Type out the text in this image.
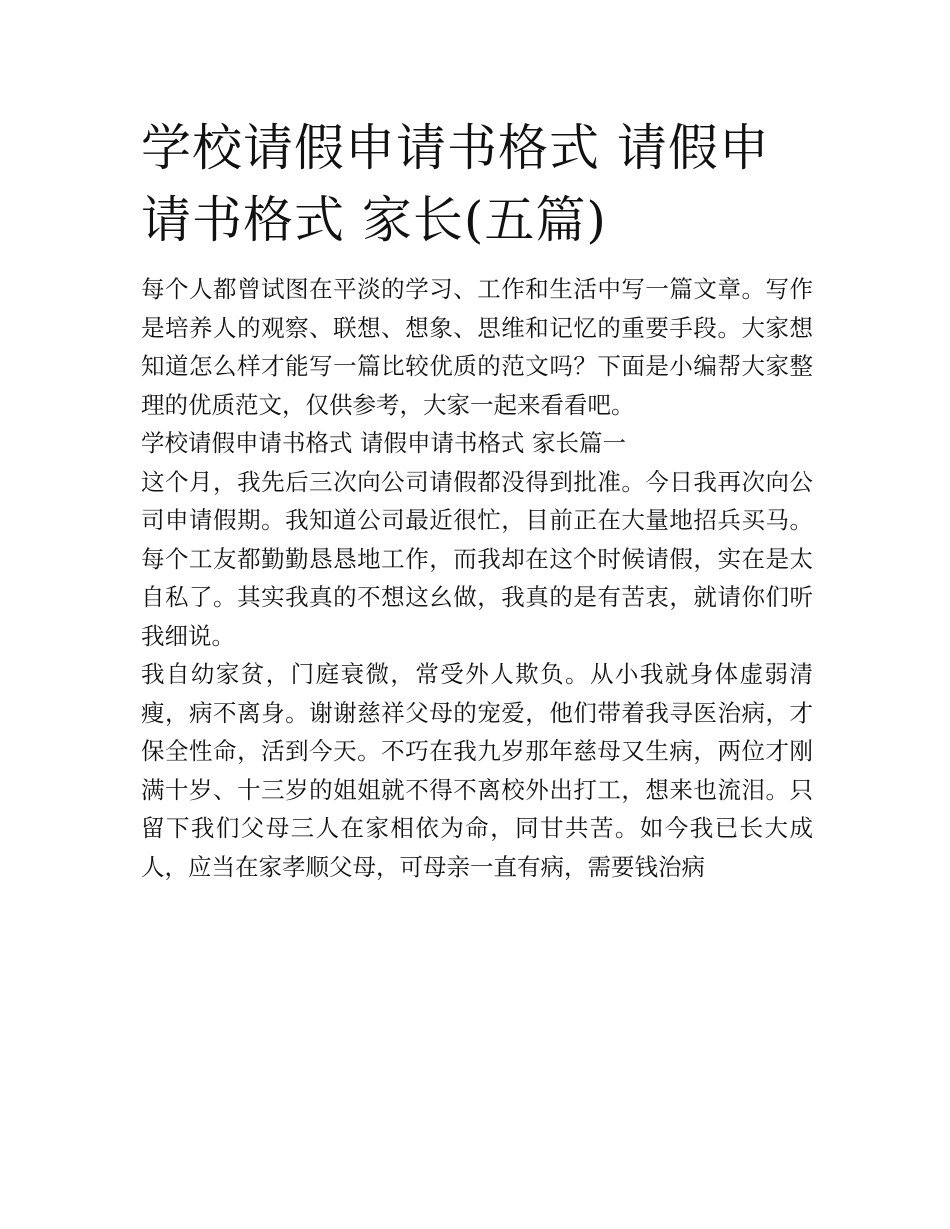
学校请假申请书格式 请假申请书格式 家长(五篇)

每个人都曾试图在平淡的学习、工作和生活中写一篇文章。写作是培养人的观察、联想、想象、思维和记忆的重要手段。大家想知道怎么样才能写一篇比较优质的范文吗？下面是小编帮大家整理的优质范文，仅供参考，大家一起来看看吧。

学校请假申请书格式 请假申请书格式 家长篇一

这个月，我先后三次向公司请假都没得到批准。今日我再次向公司申请假期。我知道公司最近很忙，目前正在大量地招兵买马。每个工友都勤勤恳恳地工作，而我却在这个时候请假，实在是太自私了。其实我真的不想这幺做，我真的是有苦衷，就请你们听我细说。

我自幼家贫，门庭衰微，常受外人欺负。从小我就身体虚弱清瘦，病不离身。谢谢慈祥父母的宠爱，他们带着我寻医治病，才保全性命，活到今天。不巧在我九岁那年慈母又生病，两位才刚满十岁、十三岁的姐姐就不得不离校外出打工，想来也流泪。只留下我们父母三人在家相依为命，同甘共苦。如今我已长大成人，应当在家孝顺父母，可母亲一直有病，需要钱治病
